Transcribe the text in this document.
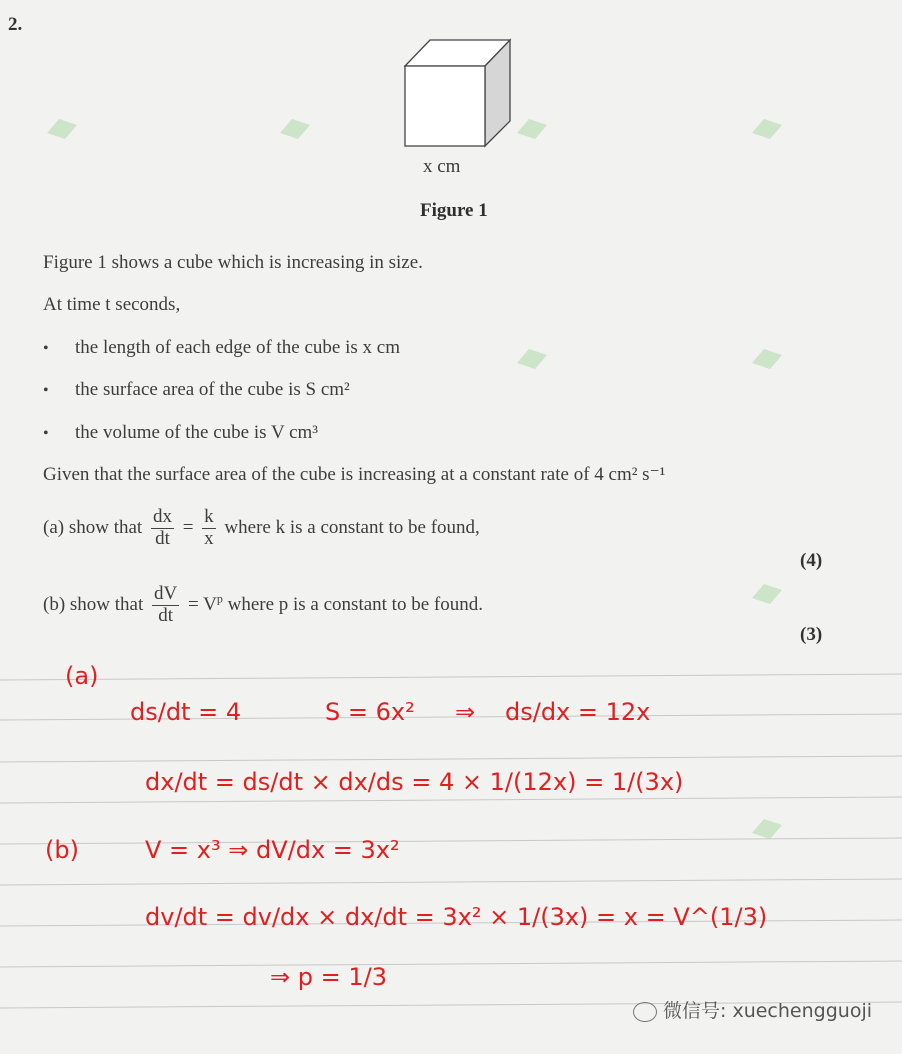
2.
x cm
Figure 1
Figure 1 shows a cube which is increasing in size.
At time t seconds,
• the length of each edge of the cube is x cm
• the surface area of the cube is S cm²
• the volume of the cube is V cm³
Given that the surface area of the cube is increasing at a constant rate of 4 cm² s⁻¹
(a) show that $\frac{dx}{dt} = \frac{k}{x}$ where k is a constant to be found,
(4)
(b) show that $\frac{dV}{dt} = V^p$ where p is a constant to be found.
(3)
(a)
ds/dt = 4	S = 6x² ⇒ ds/dx = 12x
dx/dt = ds/dt × dx/ds = 4 × 1/(12x) = 1/(3x)
(b)	V = x³ ⇒ dV/dx = 3x²
dv/dt = dv/dx × dx/dt = 3x² × 1/(3x) = x = V^(1/3)
⇒ p = 1/3
微信号: xuechengguoji
